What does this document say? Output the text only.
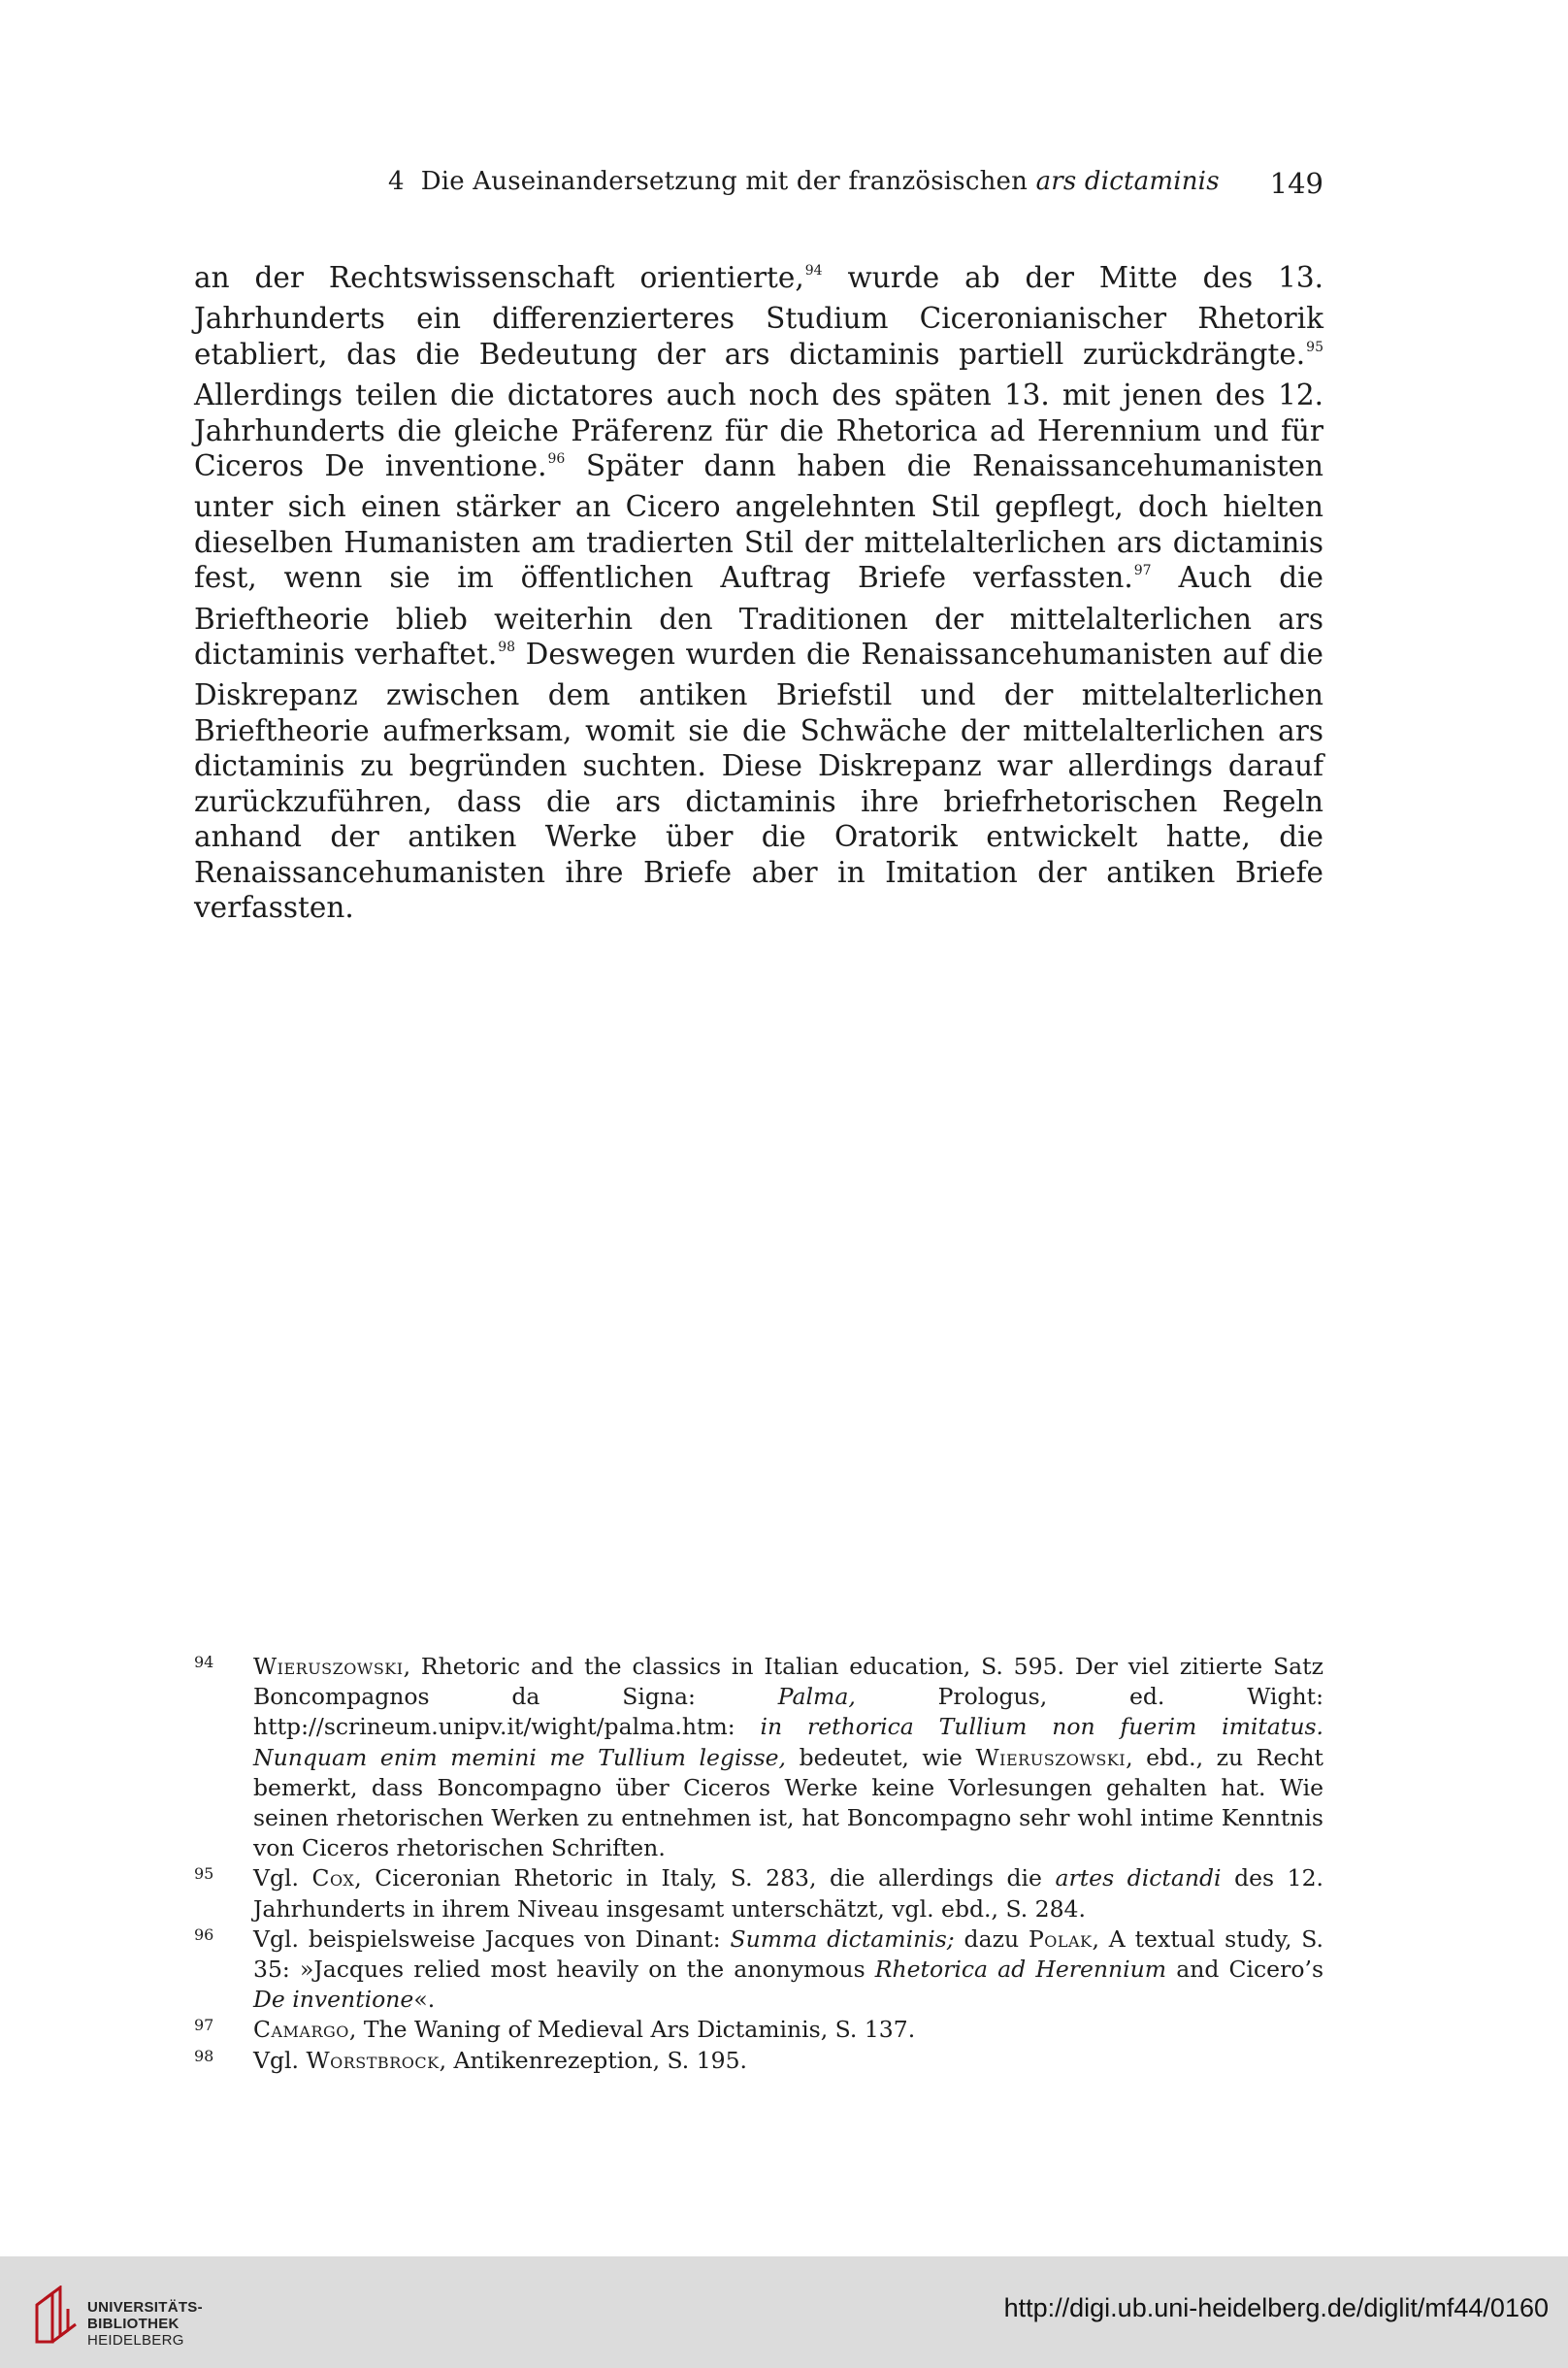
4 Die Auseinandersetzung mit der französischen ars dictaminis 149

an der Rechtswissenschaft orientierte,$^{94}$ wurde ab der Mitte des 13. Jahrhunderts ein differenzierteres Studium Ciceronianischer Rhetorik etabliert, das die Bedeutung der ars dictaminis partiell zurückdrängte.$^{95}$ Allerdings teilen die dictatores auch noch des späten 13. mit jenen des 12. Jahrhunderts die gleiche Präferenz für die Rhetorica ad Herennium und für Ciceros De inventione.$^{96}$ Später dann haben die Renaissancehumanisten unter sich einen stärker an Cicero angelehnten Stil gepflegt, doch hielten dieselben Humanisten am tradierten Stil der mittelalterlichen ars dictaminis fest, wenn sie im öffentlichen Auftrag Briefe verfassten.$^{97}$ Auch die Brieftheorie blieb weiterhin den Traditionen der mittelalterlichen ars dictaminis verhaftet.$^{98}$ Deswegen wurden die Renaissancehumanisten auf die Diskrepanz zwischen dem antiken Briefstil und der mittelalterlichen Brieftheorie aufmerksam, womit sie die Schwäche der mittelalterlichen ars dictaminis zu begründen suchten. Diese Diskrepanz war allerdings darauf zurückzuführen, dass die ars dictaminis ihre briefrhetorischen Regeln anhand der antiken Werke über die Oratorik entwickelt hatte, die Renaissancehumanisten ihre Briefe aber in Imitation der antiken Briefe verfassten.

94 Wieruszowski, Rhetoric and the classics in Italian education, S. 595. Der viel zitierte Satz Boncompagnos da Signa: Palma, Prologus, ed. Wight: http://scrineum.unipv.it/wight/palma.htm: in rethorica Tullium non fuerim imitatus. Nunquam enim memini me Tullium legisse, bedeutet, wie Wieruszowski, ebd., zu Recht bemerkt, dass Boncompagno über Ciceros Werke keine Vorlesungen gehalten hat. Wie seinen rhetorischen Werken zu entnehmen ist, hat Boncompagno sehr wohl intime Kenntnis von Ciceros rhetorischen Schriften.
95 Vgl. Cox, Ciceronian Rhetoric in Italy, S. 283, die allerdings die artes dictandi des 12. Jahrhunderts in ihrem Niveau insgesamt unterschätzt, vgl. ebd., S. 284.
96 Vgl. beispielsweise Jacques von Dinant: Summa dictaminis; dazu Polak, A textual study, S. 35: »Jacques relied most heavily on the anonymous Rhetorica ad Herennium and Cicero’s De inventione«.
97 Camargo, The Waning of Medieval Ars Dictaminis, S. 137.
98 Vgl. Worstbrock, Antikenrezeption, S. 195.
UNIVERSITÄTS-
BIBLIOTHEK
HEIDELBERG
http://digi.ub.uni-heidelberg.de/diglit/mf44/0160
